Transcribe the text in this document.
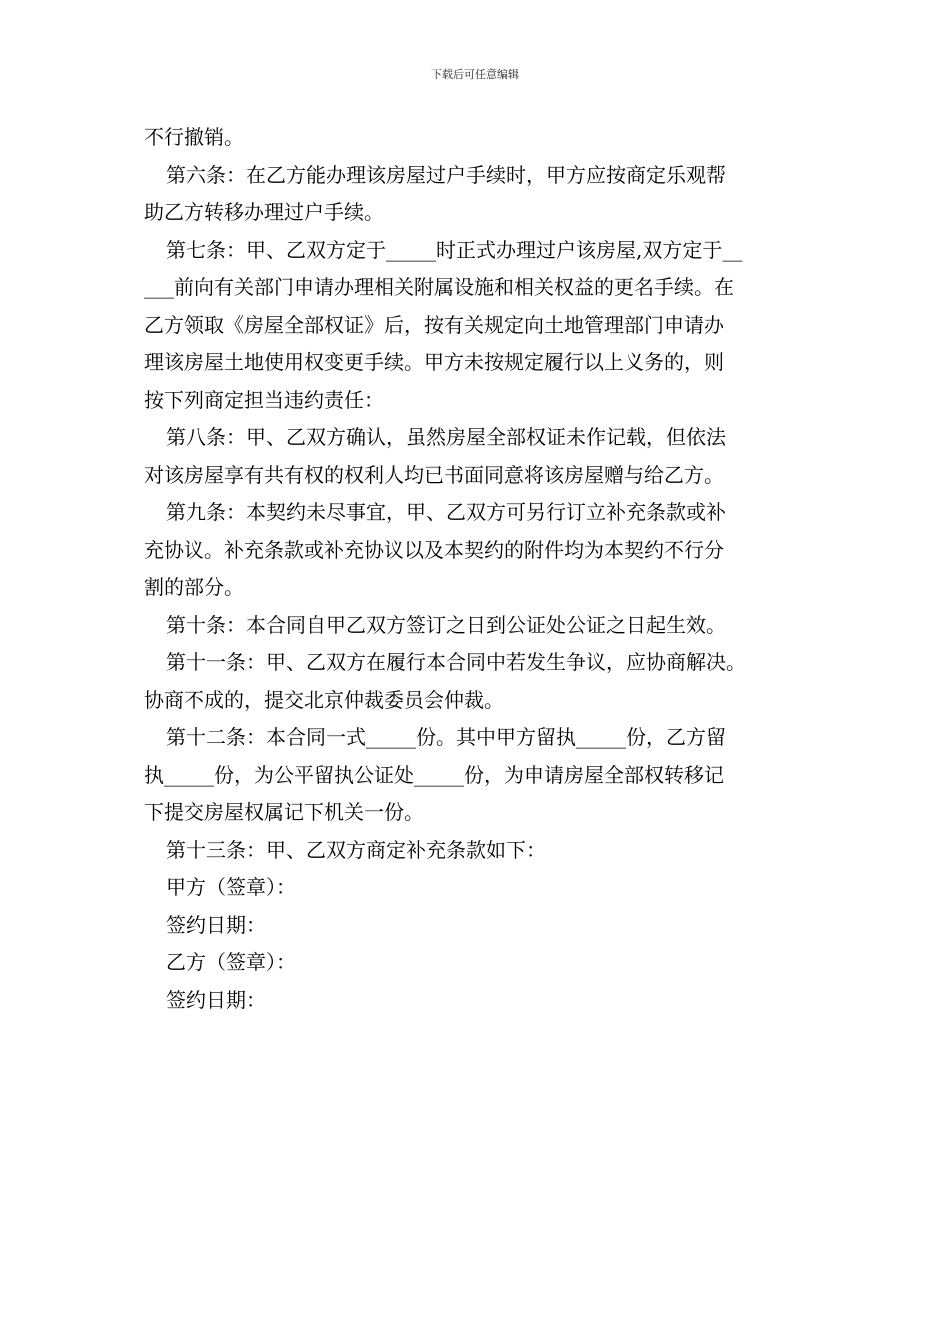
下载后可任意编辑
不行撤销。
第六条：在乙方能办理该房屋过户手续时，甲方应按商定乐观帮
助乙方转移办理过户手续。
第七条：甲、乙双方定于_____时正式办理过户该房屋,双方定于__
___前向有关部门申请办理相关附属设施和相关权益的更名手续。在
乙方领取《房屋全部权证》后，按有关规定向土地管理部门申请办
理该房屋土地使用权变更手续。甲方未按规定履行以上义务的，则
按下列商定担当违约责任：
第八条：甲、乙双方确认，虽然房屋全部权证未作记载，但依法
对该房屋享有共有权的权利人均已书面同意将该房屋赠与给乙方。
第九条：本契约未尽事宜，甲、乙双方可另行订立补充条款或补
充协议。补充条款或补充协议以及本契约的附件均为本契约不行分
割的部分。
第十条：本合同自甲乙双方签订之日到公证处公证之日起生效。
第十一条：甲、乙双方在履行本合同中若发生争议，应协商解决。
协商不成的，提交北京仲裁委员会仲裁。
第十二条：本合同一式_____份。其中甲方留执_____份，乙方留
执_____份，为公平留执公证处_____份，为申请房屋全部权转移记
下提交房屋权属记下机关一份。
第十三条：甲、乙双方商定补充条款如下：
甲方（签章）：
签约日期：
乙方（签章）：
签约日期：
